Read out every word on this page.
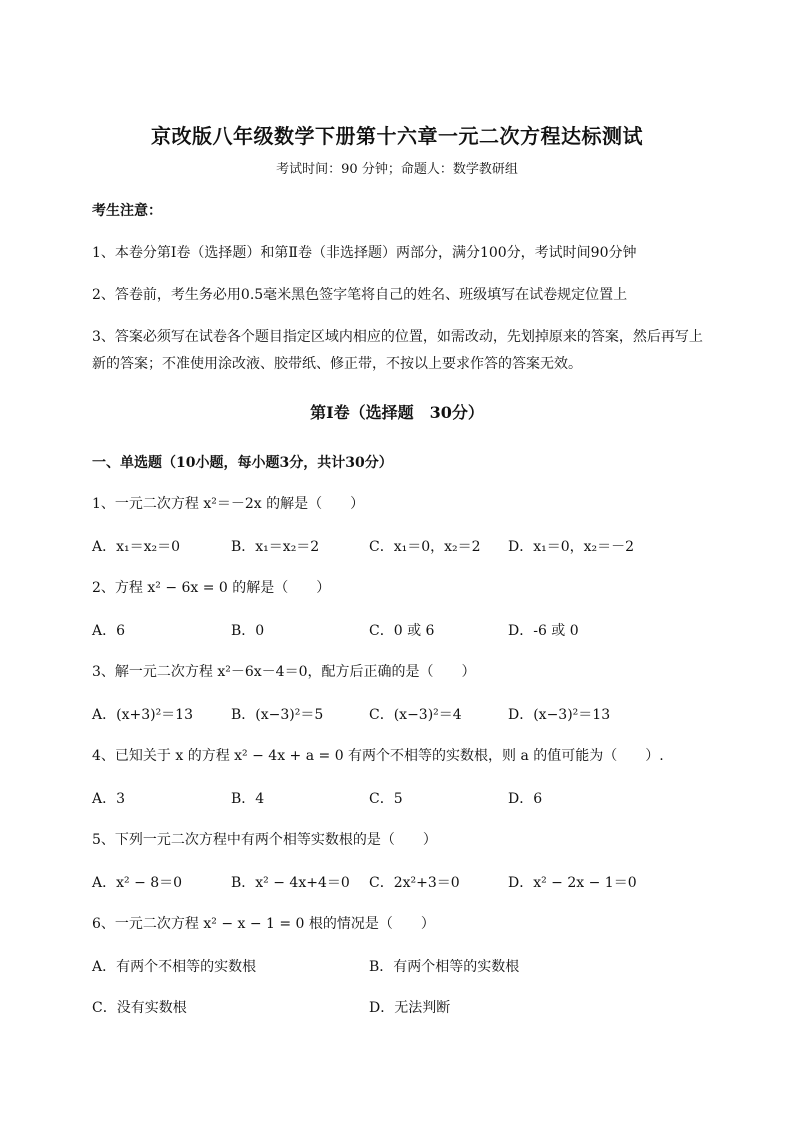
京改版八年级数学下册第十六章一元二次方程达标测试
考试时间：90 分钟；命题人：数学教研组
考生注意：
1、本卷分第Ⅰ卷（选择题）和第Ⅱ卷（非选择题）两部分，满分100分，考试时间90分钟
2、答卷前，考生务必用0.5毫米黑色签字笔将自己的姓名、班级填写在试卷规定位置上
3、答案必须写在试卷各个题目指定区域内相应的位置，如需改动，先划掉原来的答案，然后再写上新的答案；不准使用涂改液、胶带纸、修正带，不按以上要求作答的答案无效。
第Ⅰ卷（选择题　30分）
一、单选题（10小题，每小题3分，共计30分）
1、一元二次方程 x²＝－2x 的解是（　　）
A．x₁＝x₂＝0	B．x₁＝x₂＝2	C．x₁＝0，x₂＝2 D．x₁＝0，x₂＝－2
2、方程 x² − 6x = 0 的解是（　　）
A．6	B．0	C．0 或 6	D．-6 或 0
3、解一元二次方程 x²－6x－4＝0，配方后正确的是（　　）
A．(x+3)²＝13	B．(x−3)²＝5	C．(x−3)²＝4	D．(x−3)²＝13
4、已知关于 x 的方程 x² − 4x + a = 0 有两个不相等的实数根，则 a 的值可能为（　　）.
A．3	B．4	C．5	D．6
5、下列一元二次方程中有两个相等实数根的是（　　）
A．x² − 8＝0	B．x² − 4x+4＝0 C．2x²+3＝0	D．x² − 2x − 1＝0
6、一元二次方程 x² − x − 1 = 0 根的情况是（　　）
A．有两个不相等的实数根	B．有两个相等的实数根
C．没有实数根	D．无法判断
